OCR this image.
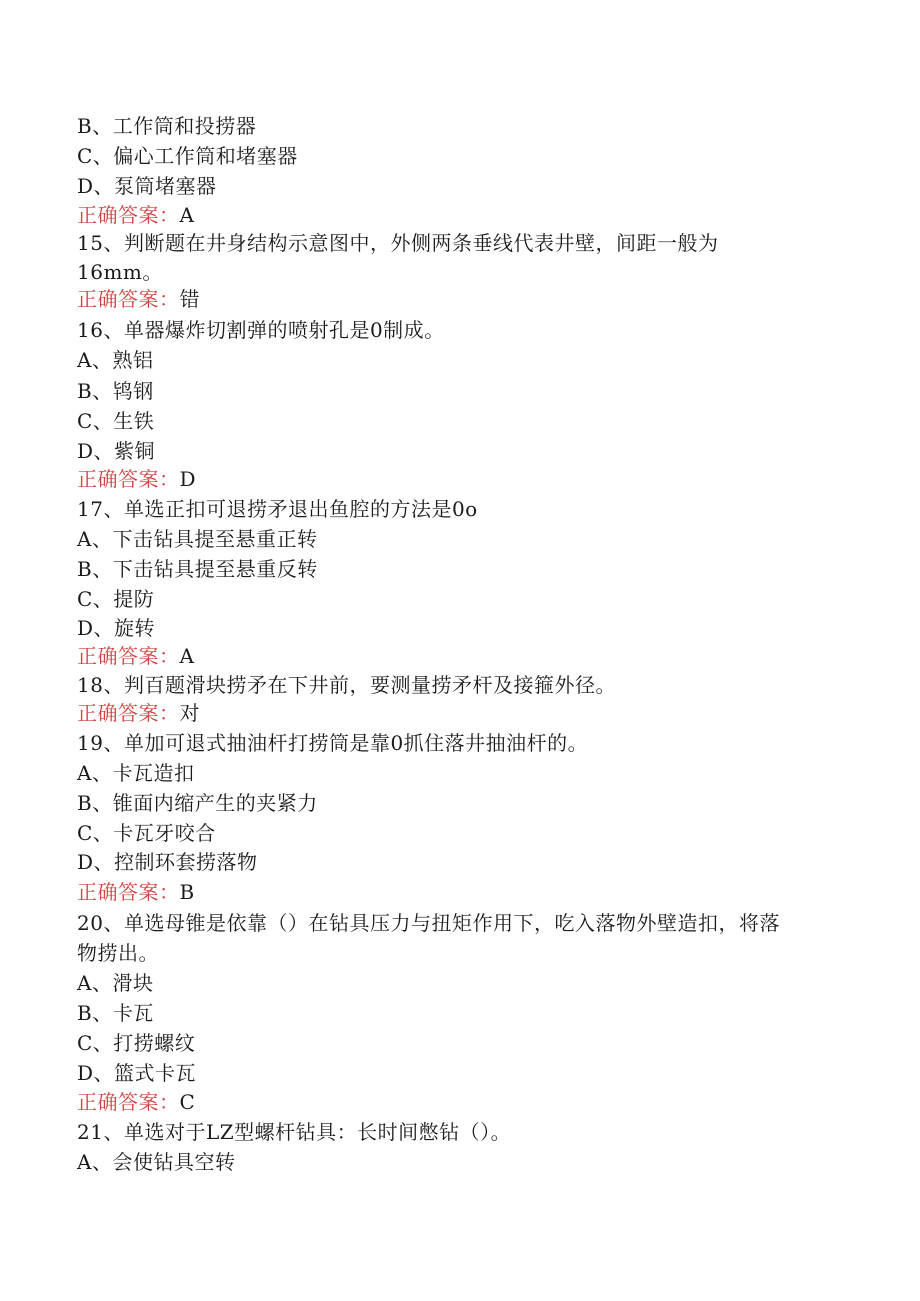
B、工作筒和投捞器
C、偏心工作筒和堵塞器
D、泵筒堵塞器
正确答案：A
15、判断题在井身结构示意图中，外侧两条垂线代表井壁，间距一般为
16mm。
正确答案：错
16、单器爆炸切割弹的喷射孔是0制成。
A、熟铝
B、鸨钢
C、生铁
D、紫铜
正确答案：D
17、单选正扣可退捞矛退出鱼腔的方法是0o
A、下击钻具提至悬重正转
B、下击钻具提至悬重反转
C、提防
D、旋转
正确答案：A
18、判百题滑块捞矛在下井前，要测量捞矛杆及接箍外径。
正确答案：对
19、单加可退式抽油杆打捞筒是靠0抓住落井抽油杆的。
A、卡瓦造扣
B、锥面内缩产生的夹紧力
C、卡瓦牙咬合
D、控制环套捞落物
正确答案：B
20、单选母锥是依靠（）在钻具压力与扭矩作用下，吃入落物外壁造扣，将落
物捞出。
A、滑块
B、卡瓦
C、打捞螺纹
D、篮式卡瓦
正确答案：C
21、单选对于LZ型螺杆钻具：长时间憋钻（）。
A、会使钻具空转
